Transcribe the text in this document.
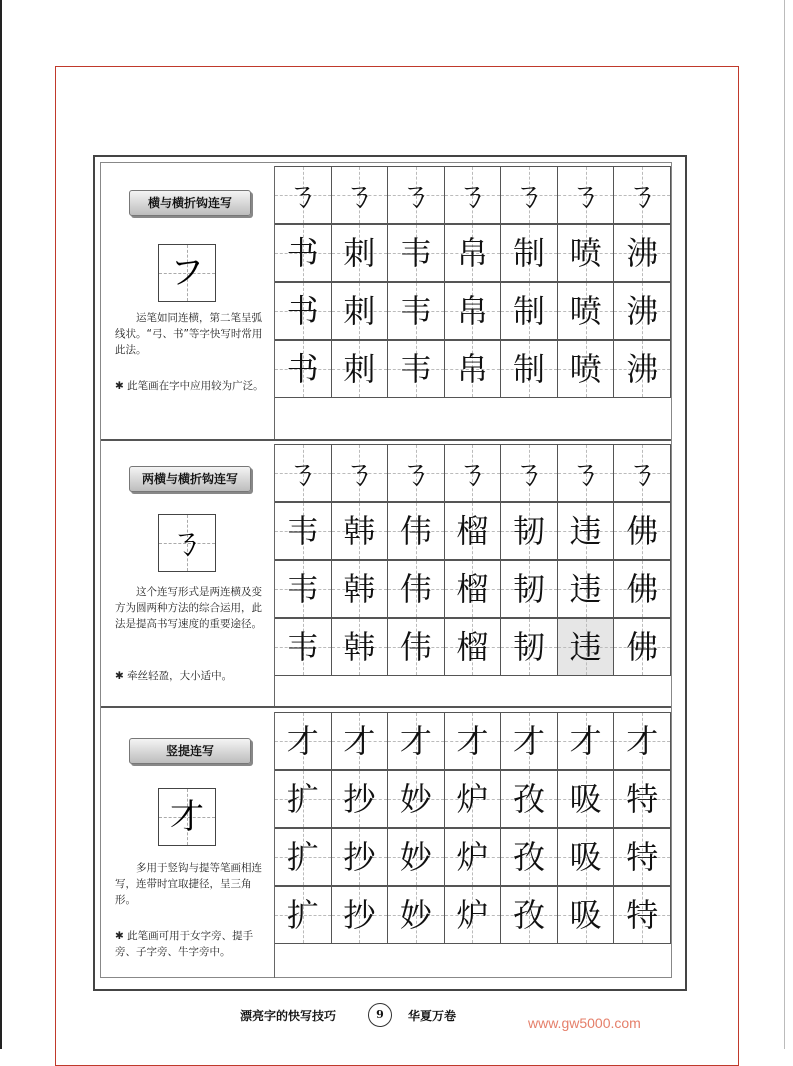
横与横折钩连写
フ
运笔如同连横，第二笔呈弧线状。“弓、书”等字快写时常用此法。
✱ 此笔画在字中应用较为广泛。
ㄋ ㄋ ㄋ ㄋ ㄋ ㄋ ㄋ
书 刺 韦 帛 制 喷 沸
书 刺 韦 帛 制 喷 沸
书 刺 韦 帛 制 喷 沸
两横与横折钩连写
ㄋ
这个连写形式是两连横及变方为圆两种方法的综合运用，此法是提高书写速度的重要途径。
✱ 牵丝轻盈，大小适中。
ㄋ ㄋ ㄋ ㄋ ㄋ ㄋ ㄋ
韦 韩 伟 榴 韧 违 佛
韦 韩 伟 榴 韧 违 佛
韦 韩 伟 榴 韧 违 佛
竖提连写
才
多用于竖钩与提等笔画相连写，连带时宜取捷径，呈三角形。
✱ 此笔画可用于女字旁、提手旁、子字旁、牛字旁中。
才 才 才 才 才 才 才
扩 抄 妙 炉 孜 吸 特
扩 抄 妙 炉 孜 吸 特
扩 抄 妙 炉 孜 吸 特
漂亮字的快写技巧	9	华夏万卷	www.gw5000.com
